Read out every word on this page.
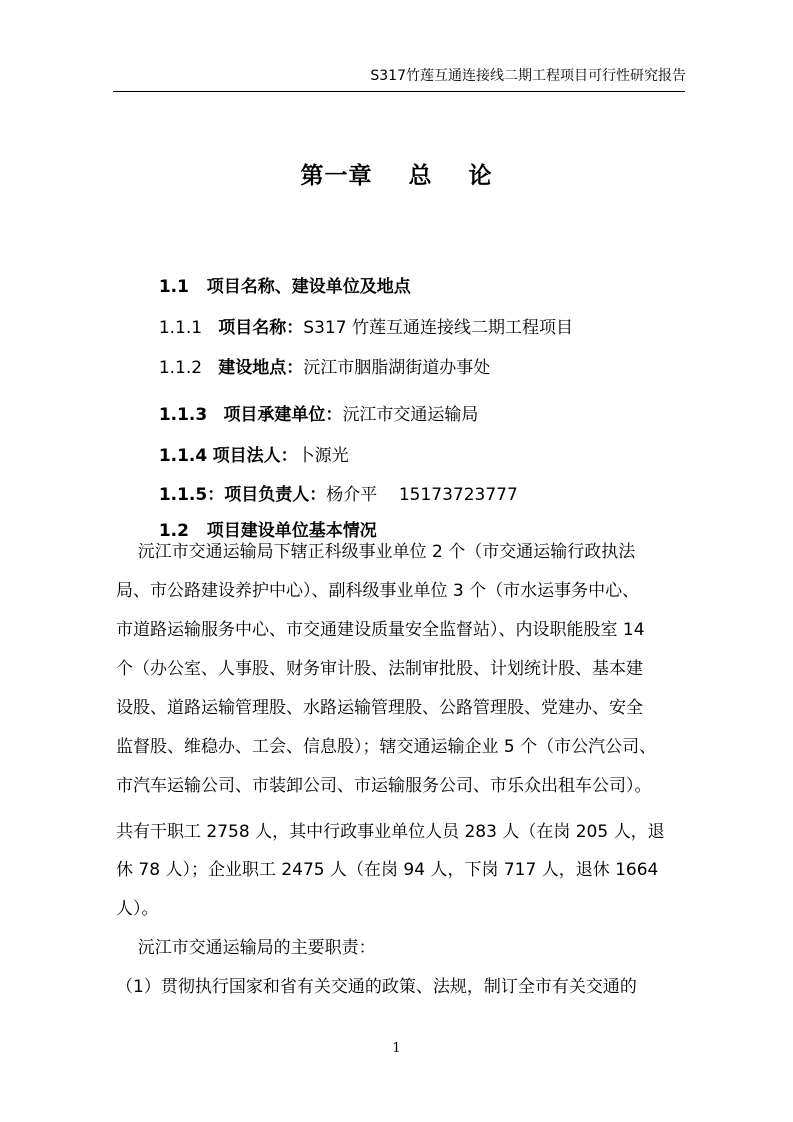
S317竹莲互通连接线二期工程项目可行性研究报告
第一章    总    论

1.1 项目名称、建设单位及地点

1.1.1 项目名称：S317 竹莲互通连接线二期工程项目

1.1.2 建设地点：沅江市胭脂湖街道办事处

1.1.3 项目承建单位：沅江市交通运输局

1.1.4 项目法人：卜源光

1.1.5：项目负责人：杨介平    15173723777

1.2 项目建设单位基本情况

沅江市交通运输局下辖正科级事业单位 2 个（市交通运输行政执法
局、市公路建设养护中心）、副科级事业单位 3 个（市水运事务中心、
市道路运输服务中心、市交通建设质量安全监督站）、内设职能股室 14
个（办公室、人事股、财务审计股、法制审批股、计划统计股、基本建
设股、道路运输管理股、水路运输管理股、公路管理股、党建办、安全
监督股、维稳办、工会、信息股）；辖交通运输企业 5 个（市公汽公司、
市汽车运输公司、市装卸公司、市运输服务公司、市乐众出租车公司）。
共有干职工 2758 人，其中行政事业单位人员 283 人（在岗 205 人，退
休 78 人）；企业职工 2475 人（在岗 94 人，下岗 717 人，退休 1664
人）。
沅江市交通运输局的主要职责：
（1）贯彻执行国家和省有关交通的政策、法规，制订全市有关交通的
1
